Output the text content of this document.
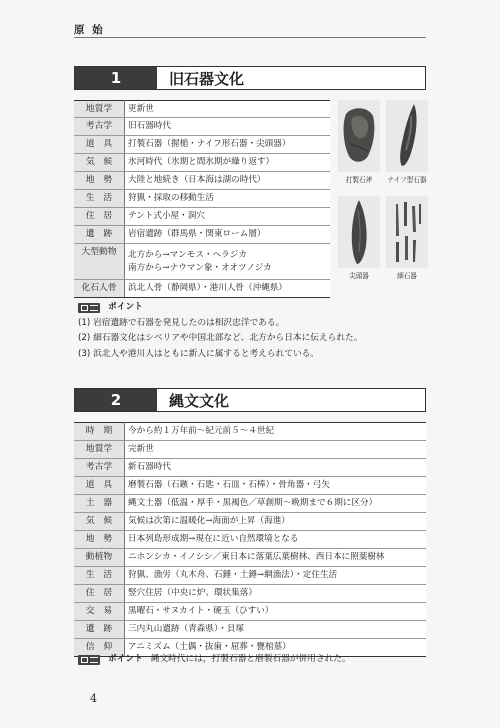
原 始
1	旧石器文化
地質学	更新世
考古学	旧石器時代
道　具	打製石器（握槌・ナイフ形石器・尖頭器）
気　候	氷河時代（氷期と間氷期が繰り返す）
地　勢	大陸と地続き（日本海は湖の時代）
生　活	狩猟・採取の移動生活
住　居	テント式小屋・洞穴
遺　跡	岩宿遺跡（群馬県・関東ローム層）
大型動物	北方から→マンモス・ヘラジカ
南方から→ナウマン象・オオツノジカ

化石人骨	浜北人骨（静岡県）・港川人骨（沖縄県）
打製石斧	ナイフ型石器
尖頭器	細石器
ポイント
(1) 岩宿遺跡で石器を発見したのは相沢忠洋である。
(2) 細石器文化はシベリアや中国北部など、北方から日本に伝えられた。
(3) 浜北人や港川人はともに新人に属すると考えられている。
2	縄文文化
時　期	今から約１万年前〜紀元前５〜４世紀
地質学	完新世
考古学	新石器時代
道　具	磨製石器（石鏃・石匙・石皿・石棒）・骨角器・弓矢
土　器	縄文土器（低温・厚手・黒褐色／草創期〜晩期まで６期に区分）
気　候	気候は次第に温暖化→海面が上昇（海進）
地　勢	日本列島形成期→現在に近い自然環境となる
動植物	ニホンシカ・イノシシ／東日本に落葉広葉樹林、西日本に照葉樹林
生　活	狩猟、漁労（丸木舟、石錘・土錘→網漁法）・定住生活
住　居	竪穴住居（中央に炉、環状集落）
交　易	黒曜石・サヌカイト・硬玉（ひすい）
遺　跡	三内丸山遺跡（青森県）・貝塚
信　仰	アニミズム（土偶・抜歯・屈葬・甕棺墓）
ポイント 縄文時代には，打製石器と磨製石器が併用された。
4
